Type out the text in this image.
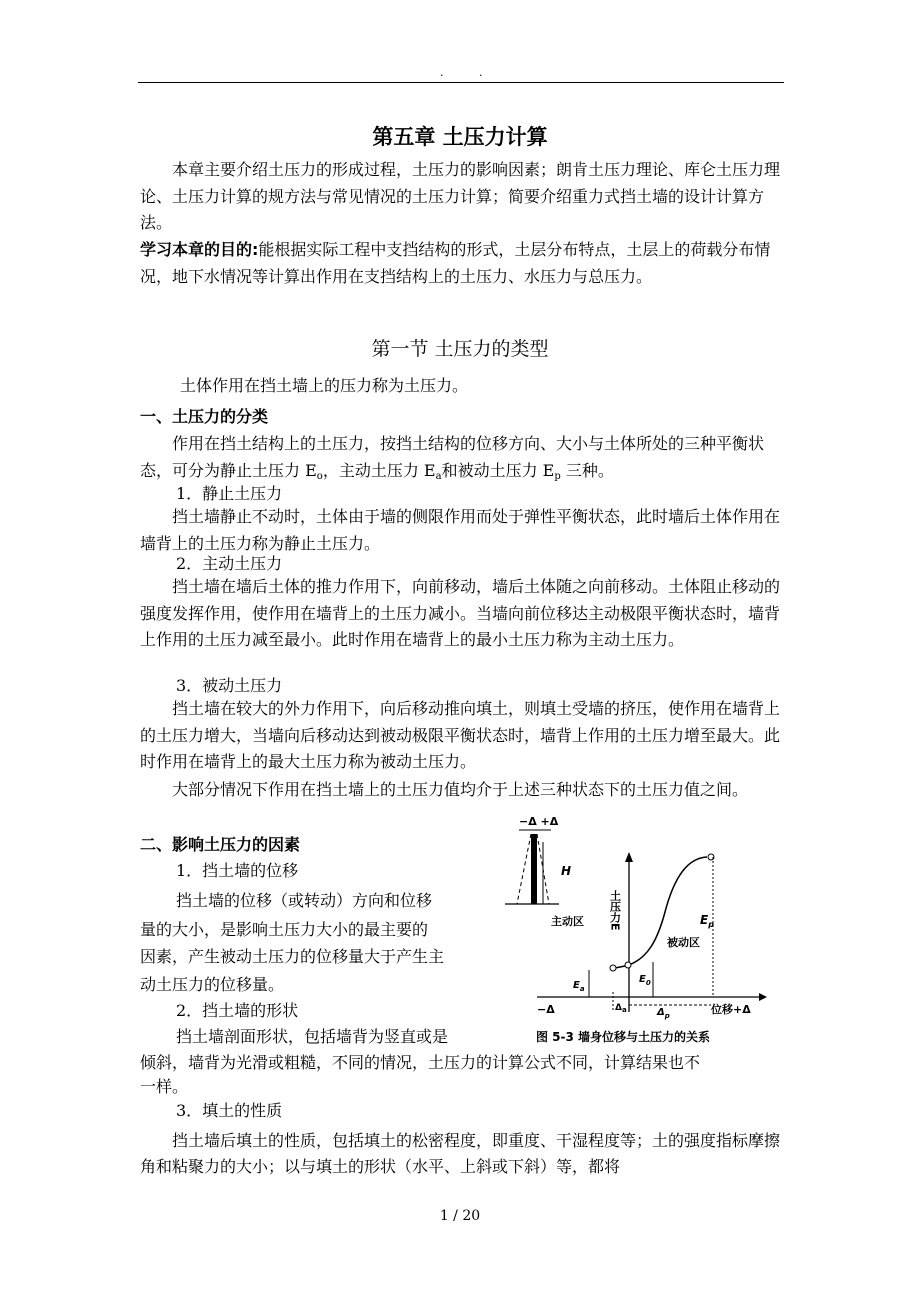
. .
第五章 土压力计算

本章主要介绍土压力的形成过程，土压力的影响因素；朗肯土压力理论、库仑土压力理论、土压力计算的规方法与常见情况的土压力计算；简要介绍重力式挡土墙的设计计算方法。

学习本章的目的:能根据实际工程中支挡结构的形式，土层分布特点，土层上的荷载分布情况，地下水情况等计算出作用在支挡结构上的土压力、水压力与总压力。

第一节 土压力的类型
土体作用在挡土墙上的压力称为土压力。
一、土压力的分类

作用在挡土结构上的土压力，按挡土结构的位移方向、大小与土体所处的三种平衡状态，可分为静止土压力 $E_o$，主动土压力 $E_a$和被动土压力 $E_p$ 三种。

1．静止土压力

挡土墙静止不动时，土体由于墙的侧限作用而处于弹性平衡状态，此时墙后土体作用在墙背上的土压力称为静止土压力。

2．主动土压力

挡土墙在墙后土体的推力作用下，向前移动，墙后土体随之向前移动。土体阻止移动的强度发挥作用，使作用在墙背上的土压力减小。当墙向前位移达主动极限平衡状态时，墙背上作用的土压力减至最小。此时作用在墙背上的最小土压力称为主动土压力。

3．被动土压力

挡土墙在较大的外力作用下，向后移动推向填土，则填土受墙的挤压，使作用在墙背上的土压力增大，当墙向后移动达到被动极限平衡状态时，墙背上作用的土压力增至最大。此时作用在墙背上的最大土压力称为被动土压力。

大部分情况下作用在挡土墙上的土压力值均介于上述三种状态下的土压力值之间。

二、影响土压力的因素
1．挡土墙的位移
挡土墙的位移（或转动）方向和位移
量的大小，是影响土压力大小的最主要的
因素，产生被动土压力的位移量大于产生主
动土压力的位移量。
2．挡土墙的形状
挡土墙剖面形状，包括墙背为竖直或是
倾斜，墙背为光滑或粗糙，不同的情况，土压力的计算公式不同，计算结果也不
一样。
3．填土的性质

挡土墙后填土的性质，包括填土的松密程度，即重度、干湿程度等；土的强度指标摩擦角和粘聚力的大小；以与填土的形状（水平、上斜或下斜）等，都将

−Δ +Δ
H
主动区 土压力E	$E_p$
被动区
$E_a$
$E_0$
$\Delta_a$	$\Delta_p$
−Δ	位移+Δ
图 5-3 墙身位移与土压力的关系
1 / 20
